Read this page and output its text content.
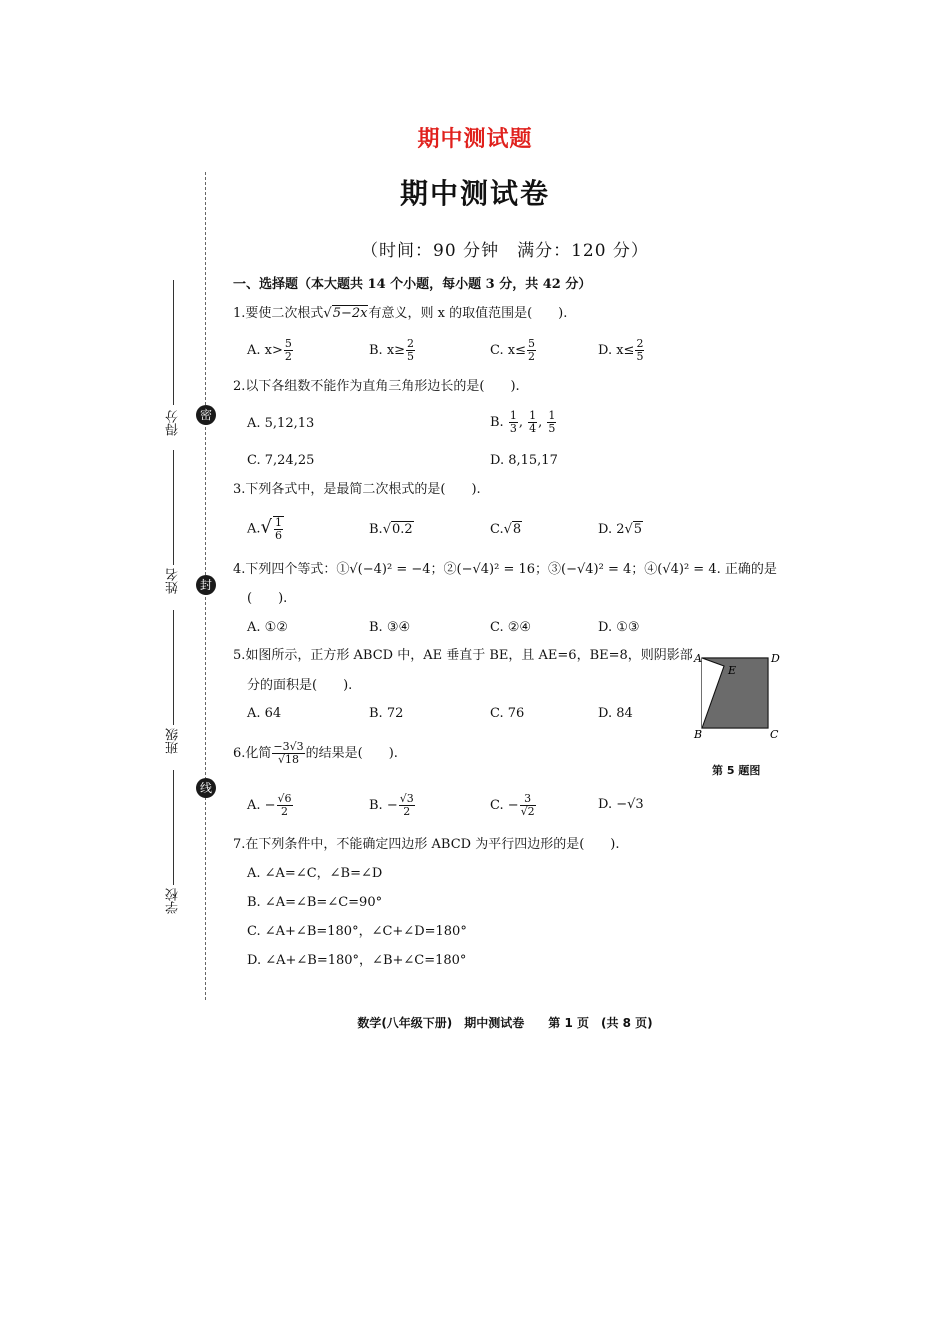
期中测试题
期中测试卷
（时间：90 分钟　满分：120 分）
密
封
线
得分
姓名
班级
学校
一、选择题（本大题共 14 个小题，每小题 3 分，共 42 分）
1.要使二次根式√5−2x有意义，则 x 的取值范围是(　　).
A. $x> \frac{5}{2}$	B. $x\ge \frac{2}{5}$	C. $x\le \frac{5}{2}$	D. $x\le \frac{2}{5}$
2.以下各组数不能作为直角三角形边长的是(　　).
A. 5,12,13	B. $\frac{1}{3}$ , $\frac{1}{4}$ , $\frac{1}{5}$
C. 7,24,25	D. 8,15,17
3.下列各式中，是最简二次根式的是(　　).
$A.√ \frac{1}{6}$	B.√0.2	C.√8	D. 2√5
4.下列四个等式：①√(−4)² = −4；②(−√4)² = 16；③(−√4)² = 4；④(√4)² = 4. 正确的是
(　　).
A. ①②	B. ③④	C. ②④	D. ①③
5.如图所示，正方形 ABCD 中，AE 垂直于 BE，且 AE=6，BE=8，则阴影部
分的面积是(　　).
A. 64	B. 72	C. 76	D. 84
A	D
E
B	C
第 5 题图
6.化简 $\frac{-3√3}{√18}$ 的结果是(　　).
A. − $\frac{√6}{2}$	B. − $\frac{√3}{2}$	C. − $\frac{3}{√2}$	D. −√3
7.在下列条件中，不能确定四边形 ABCD 为平行四边形的是(　　).
A. ∠A=∠C，∠B=∠D
B. ∠A=∠B=∠C=90°
C. ∠A+∠B=180°，∠C+∠D=180°
D. ∠A+∠B=180°，∠B+∠C=180°
数学(八年级下册)　期中测试卷　　第 1 页　(共 8 页)
